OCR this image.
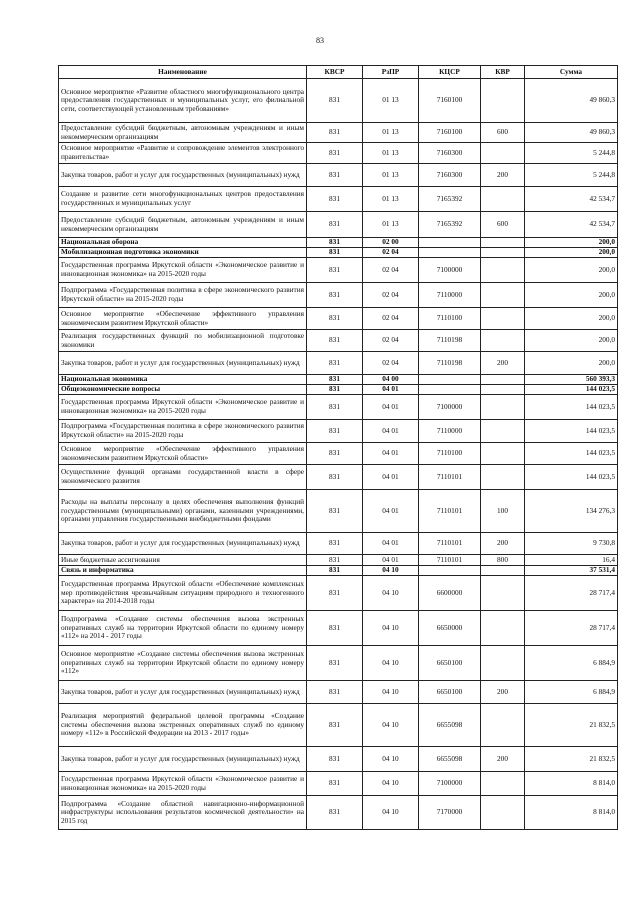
83
Наименование	КВСР	РзПР	КЦСР	КВР	Сумма
Основное мероприятие «Развитие областного многофункционального центра предоставления государственных и муниципальных услуг, его филиальной сети, соответствующей установленным требованиям»	831	01 13	7160100		49 860,3
Предоставление субсидий бюджетным, автономным учреждениям и иным некоммерческим организациям	831	01 13	7160100	600	49 860,3
Основное мероприятие «Развитие и сопровождение элементов электронного правительства»	831	01 13	7160300		5 244,8
Закупка товаров, работ и услуг для государственных (муниципальных) нужд	831	01 13	7160300	200	5 244,8
Создание и развитие сети многофункциональных центров предоставления государственных и муниципальных услуг	831	01 13	7165392		42 534,7
Предоставление субсидий бюджетным, автономным учреждениям и иным некоммерческим организациям	831	01 13	7165392	600	42 534,7
Национальная оборона	831	02 00			200,0
Мобилизационная подготовка экономики	831	02 04			200,0
Государственная программа Иркутской области «Экономическое развитие и инновационная экономика» на 2015-2020 годы	831	02 04	7100000		200,0
Подпрограмма «Государственная политика в сфере экономического развития Иркутской области» на 2015-2020 годы	831	02 04	7110000		200,0
Основное мероприятие «Обеспечение эффективного управления экономическим развитием Иркутской области»	831	02 04	7110100		200,0
Реализация государственных функций по мобилизационной подготовке экономики	831	02 04	7110198		200,0
Закупка товаров, работ и услуг для государственных (муниципальных) нужд	831	02 04	7110198	200	200,0
Национальная экономика	831	04 00			560 393,3
Общеэкономические вопросы	831	04 01			144 023,5
Государственная программа Иркутской области «Экономическое развитие и инновационная экономика» на 2015-2020 годы	831	04 01	7100000		144 023,5
Подпрограмма «Государственная политика в сфере экономического развития Иркутской области» на 2015-2020 годы	831	04 01	7110000		144 023,5
Основное мероприятие «Обеспечение эффективного управления экономическим развитием Иркутской области»	831	04 01	7110100		144 023,5
Осуществление функций органами государственной власти в сфере экономического развития	831	04 01	7110101		144 023,5
Расходы на выплаты персоналу в целях обеспечения выполнения функций государственными (муниципальными) органами, казенными учреждениями, органами управления государственными внебюджетными фондами	831	04 01	7110101	100	134 276,3
Закупка товаров, работ и услуг для государственных (муниципальных) нужд	831	04 01	7110101	200	9 730,8
Иные бюджетные ассигнования	831	04 01	7110101	800	16,4
Связь и информатика	831	04 10			37 531,4
Государственная программа Иркутской области «Обеспечение комплексных мер противодействия чрезвычайным ситуациям природного и техногенного характера» на 2014-2018 годы	831	04 10	6600000		28 717,4
Подпрограмма «Создание системы обеспечения вызова экстренных оперативных служб на территории Иркутской области по единому номеру «112» на 2014 - 2017 годы	831	04 10	6650000		28 717,4
Основное мероприятие «Создание системы обеспечения вызова экстренных оперативных служб на территории Иркутской области по единому номеру «112»	831	04 10	6650100		6 884,9
Закупка товаров, работ и услуг для государственных (муниципальных) нужд	831	04 10	6650100	200	6 884,9
Реализация мероприятий федеральной целевой программы «Создание системы обеспечения вызова экстренных оперативных служб по единому номеру «112» в Российской Федерации на 2013 - 2017 годы»	831	04 10	6655098		21 832,5
Закупка товаров, работ и услуг для государственных (муниципальных) нужд	831	04 10	6655098	200	21 832,5
Государственная программа Иркутской области «Экономическое развитие и инновационная экономика» на 2015-2020 годы	831	04 10	7100000		8 814,0
Подпрограмма «Создание областной навигационно-информационной инфраструктуры использования результатов космической деятельности» на 2015 год	831	04 10	7170000		8 814,0
